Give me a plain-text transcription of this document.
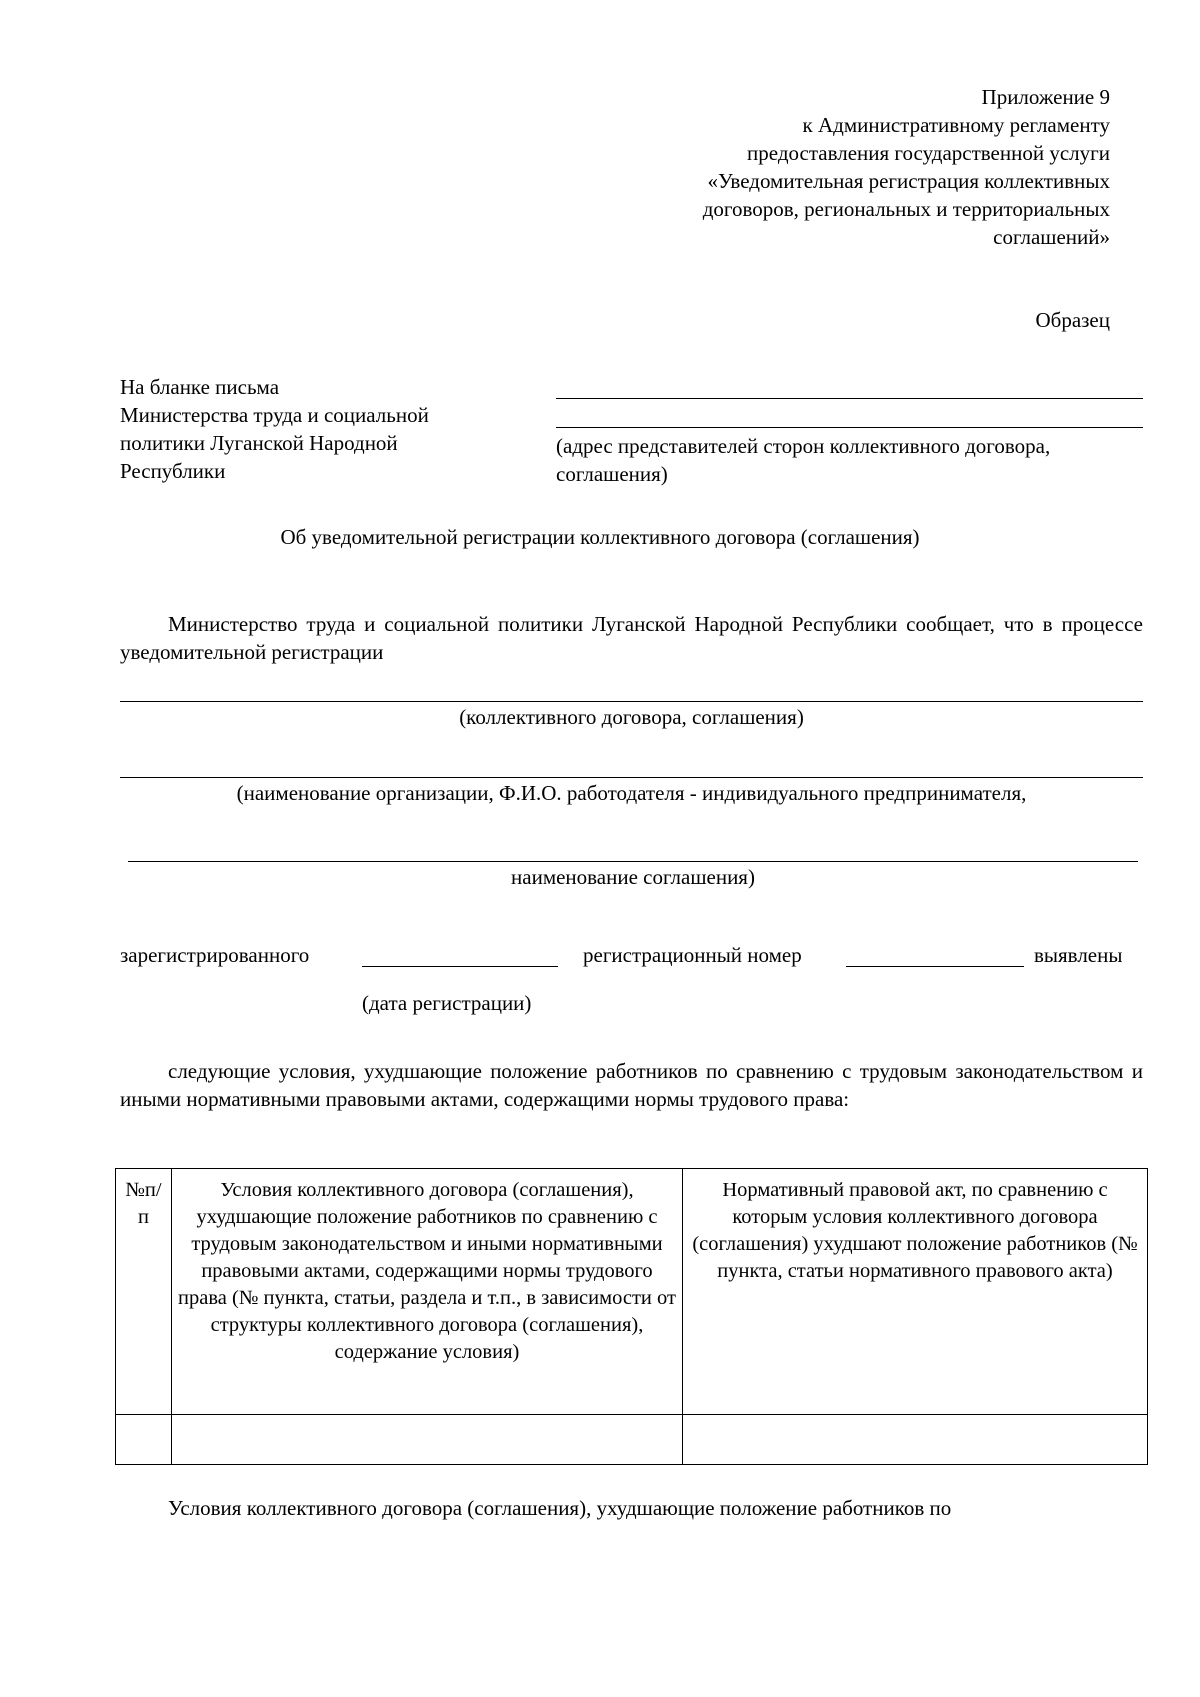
Приложение 9
к Административному регламенту
предоставления государственной услуги
«Уведомительная регистрация коллективных
договоров, региональных и территориальных
соглашений»
Образец
На бланке письма
Министерства труда и социальной
политики Луганской Народной
Республики
(адрес представителей сторон коллективного договора, соглашения)
Об уведомительной регистрации коллективного договора (соглашения)
Министерство труда и социальной политики Луганской Народной Республики сообщает, что в процессе уведомительной регистрации
(коллективного договора, соглашения)
(наименование организации, Ф.И.О. работодателя - индивидуального предпринимателя,
наименование соглашения)
зарегистрированного	регистрационный номер	выявлены
(дата регистрации)
следующие условия, ухудшающие положение работников по сравнению с трудовым законодательством и иными нормативными правовыми актами, содержащими нормы трудового права:
№п/п	Условия коллективного договора (соглашения), ухудшающие положение работников по сравнению с трудовым законодательством и иными нормативными правовыми актами, содержащими нормы трудового права (№ пункта, статьи, раздела и т.п., в зависимости от структуры коллективного договора (соглашения), содержание условия)	Нормативный правовой акт, по сравнению с которым условия коллективного договора (соглашения) ухудшают положение работников (№ пункта, статьи нормативного правового акта)

Условия коллективного договора (соглашения), ухудшающие положение работников по
